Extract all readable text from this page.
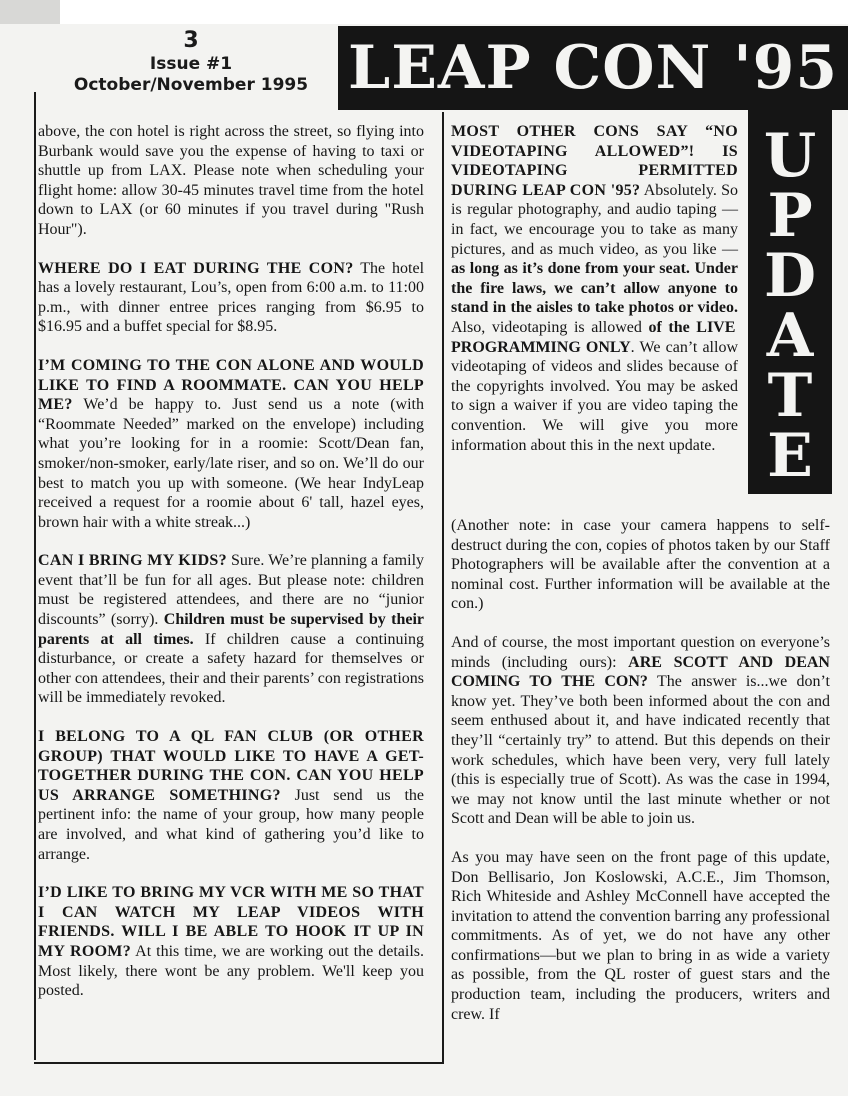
3
Issue #1
October/November 1995 LEAP CON '95
U
P
D
A
T
E

above, the con hotel is right across the street, so flying into Burbank would save you the expense of having to taxi or shuttle up from LAX. Please note when scheduling your flight home: allow 30-45 minutes travel time from the hotel down to LAX (or 60 minutes if you travel during "Rush Hour").

WHERE DO I EAT DURING THE CON? The hotel has a lovely restaurant, Lou’s, open from 6:00 a.m. to 11:00 p.m., with dinner entree prices ranging from $6.95 to $16.95 and a buffet special for $8.95.

I’M COMING TO THE CON ALONE AND WOULD LIKE TO FIND A ROOMMATE. CAN YOU HELP ME? We’d be happy to. Just send us a note (with “Roommate Needed” marked on the envelope) including what you’re looking for in a roomie: Scott/Dean fan, smoker/non-smoker, early/late riser, and so on. We’ll do our best to match you up with someone. (We hear IndyLeap received a request for a roomie about 6' tall, hazel eyes, brown hair with a white streak...)

CAN I BRING MY KIDS? Sure. We’re planning a family event that’ll be fun for all ages. But please note: children must be registered attendees, and there are no “junior discounts” (sorry). Children must be supervised by their parents at all times. If children cause a continuing disturbance, or create a safety hazard for themselves or other con attendees, their and their parents’ con registrations will be immediately revoked.

I BELONG TO A QL FAN CLUB (OR OTHER GROUP) THAT WOULD LIKE TO HAVE A GET-TOGETHER DURING THE CON. CAN YOU HELP US ARRANGE SOMETHING? Just send us the pertinent info: the name of your group, how many people are involved, and what kind of gathering you’d like to arrange.

I’D LIKE TO BRING MY VCR WITH ME SO THAT I CAN WATCH MY LEAP VIDEOS WITH FRIENDS. WILL I BE ABLE TO HOOK IT UP IN MY ROOM? At this time, we are working out the details. Most likely, there wont be any problem. We'll keep you posted.

MOST OTHER CONS SAY “NO VIDEOTAPING ALLOWED”! IS VIDEOTAPING PERMITTED DURING LEAP CON '95? Absolutely. So is regular photography, and audio taping — in fact, we encourage you to take as many pictures, and as much video, as you like — as long as it’s done from your seat. Under the fire laws, we can’t allow anyone to stand in the aisles to take photos or video. Also, videotaping is allowed of the LIVE PROGRAMMING ONLY. We can’t allow videotaping of videos and slides because of the copyrights involved. You may be asked to sign a waiver if you are video taping the convention. We will give you more information about this in the next update.

(Another note: in case your camera happens to self-destruct during the con, copies of photos taken by our Staff Photographers will be available after the convention at a nominal cost. Further information will be available at the con.)

And of course, the most important question on everyone’s minds (including ours): ARE SCOTT AND DEAN COMING TO THE CON? The answer is...we don’t know yet. They’ve both been informed about the con and seem enthused about it, and have indicated recently that they’ll “certainly try” to attend. But this depends on their work schedules, which have been very, very full lately (this is especially true of Scott). As was the case in 1994, we may not know until the last minute whether or not Scott and Dean will be able to join us.

As you may have seen on the front page of this update, Don Bellisario, Jon Koslowski, A.C.E., Jim Thomson, Rich Whiteside and Ashley McConnell have accepted the invitation to attend the convention barring any professional commitments. As of yet, we do not have any other confirmations—but we plan to bring in as wide a variety as possible, from the QL roster of guest stars and the production team, including the producers, writers and crew. If
